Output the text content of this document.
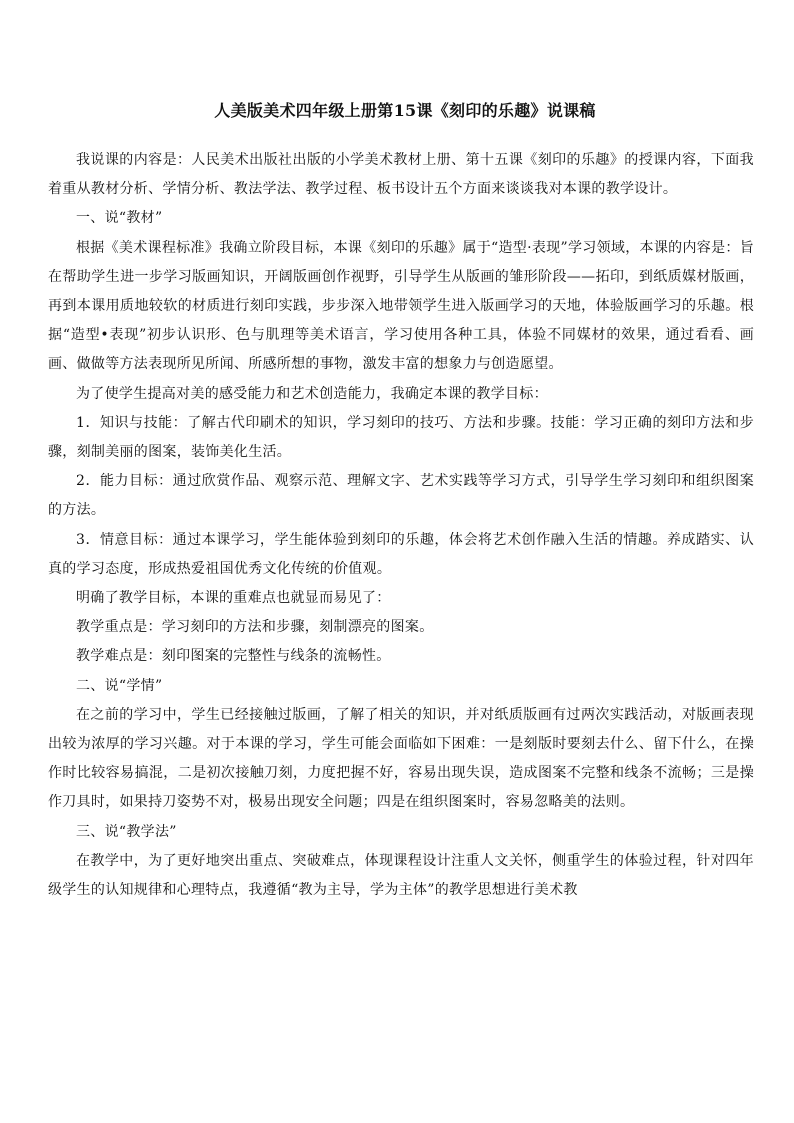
人美版美术四年级上册第15课《刻印的乐趣》说课稿

我说课的内容是：人民美术出版社出版的小学美术教材上册、第十五课《刻印的乐趣》的授课内容，下面我着重从教材分析、学情分析、教法学法、教学过程、板书设计五个方面来谈谈我对本课的教学设计。

一、说“教材”

根据《美术课程标准》我确立阶段目标，本课《刻印的乐趣》属于“造型·表现”学习领域，本课的内容是：旨在帮助学生进一步学习版画知识，开阔版画创作视野，引导学生从版画的雏形阶段——拓印，到纸质媒材版画，再到本课用质地较软的材质进行刻印实践，步步深入地带领学生进入版画学习的天地，体验版画学习的乐趣。根据“造型•表现”初步认识形、色与肌理等美术语言，学习使用各种工具，体验不同媒材的效果，通过看看、画画、做做等方法表现所见所闻、所感所想的事物，激发丰富的想象力与创造愿望。

为了使学生提高对美的感受能力和艺术创造能力，我确定本课的教学目标：

1．知识与技能：了解古代印刷术的知识，学习刻印的技巧、方法和步骤。技能：学习正确的刻印方法和步骤，刻制美丽的图案，装饰美化生活。

2．能力目标：通过欣赏作品、观察示范、理解文字、艺术实践等学习方式，引导学生学习刻印和组织图案的方法。

3．情意目标：通过本课学习，学生能体验到刻印的乐趣，体会将艺术创作融入生活的情趣。养成踏实、认真的学习态度，形成热爱祖国优秀文化传统的价值观。

明确了教学目标，本课的重难点也就显而易见了：

教学重点是：学习刻印的方法和步骤，刻制漂亮的图案。

教学难点是：刻印图案的完整性与线条的流畅性。

二、说“学情”

在之前的学习中，学生已经接触过版画，了解了相关的知识，并对纸质版画有过两次实践活动，对版画表现出较为浓厚的学习兴趣。对于本课的学习，学生可能会面临如下困难：一是刻版时要刻去什么、留下什么，在操作时比较容易搞混，二是初次接触刀刻，力度把握不好，容易出现失误，造成图案不完整和线条不流畅；三是操作刀具时，如果持刀姿势不对，极易出现安全问题；四是在组织图案时，容易忽略美的法则。

三、说“教学法”

在教学中，为了更好地突出重点、突破难点，体现课程设计注重人文关怀，侧重学生的体验过程，针对四年级学生的认知规律和心理特点，我遵循“教为主导，学为主体”的教学思想进行美术教
